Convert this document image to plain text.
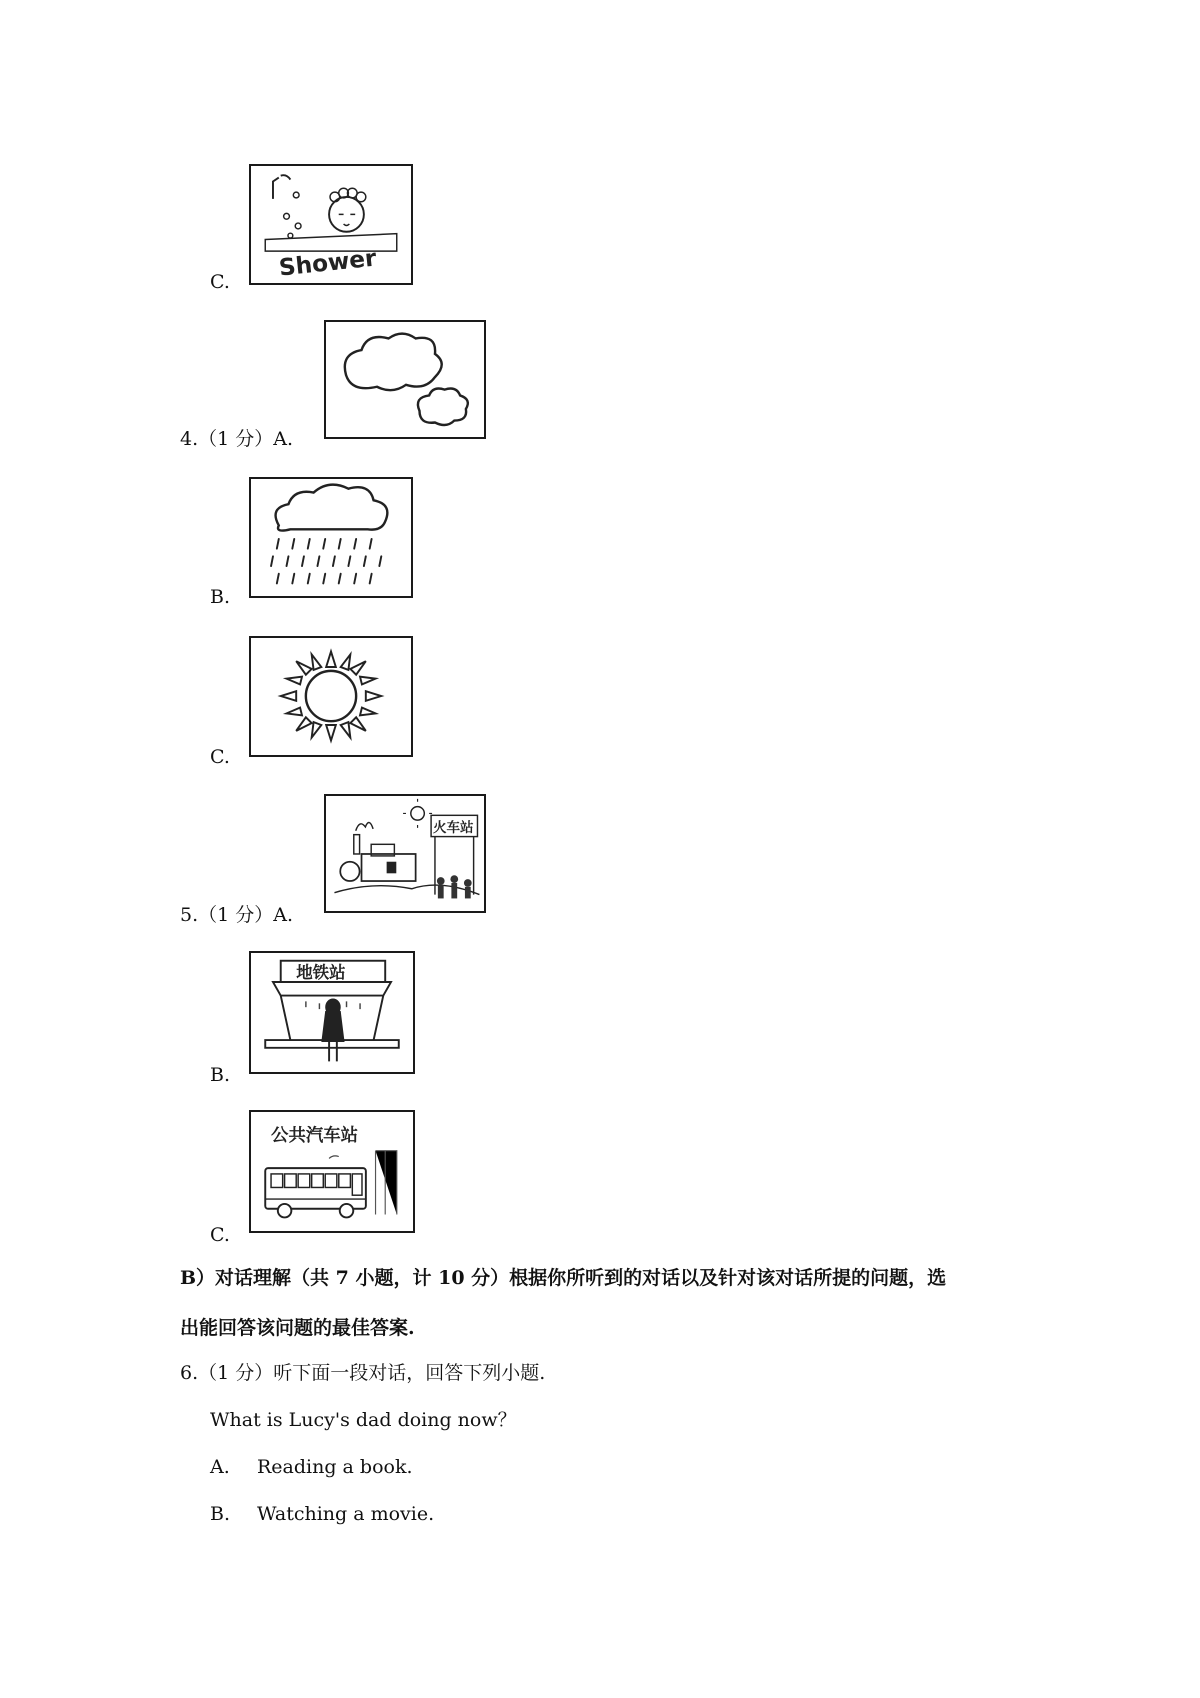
C.
Shower
4.（1 分）A.
B.
C.
5.（1 分）A.
火车站
B.
地铁站
C.
公共汽车站
B）对话理解（共 7 小题，计 10 分）根据你所听到的对话以及针对该对话所提的问题，选
出能回答该问题的最佳答案.
6.（1 分）听下面一段对话，回答下列小题.
What is Lucy's dad doing now？
A. Reading a book.
B. Watching a movie.
